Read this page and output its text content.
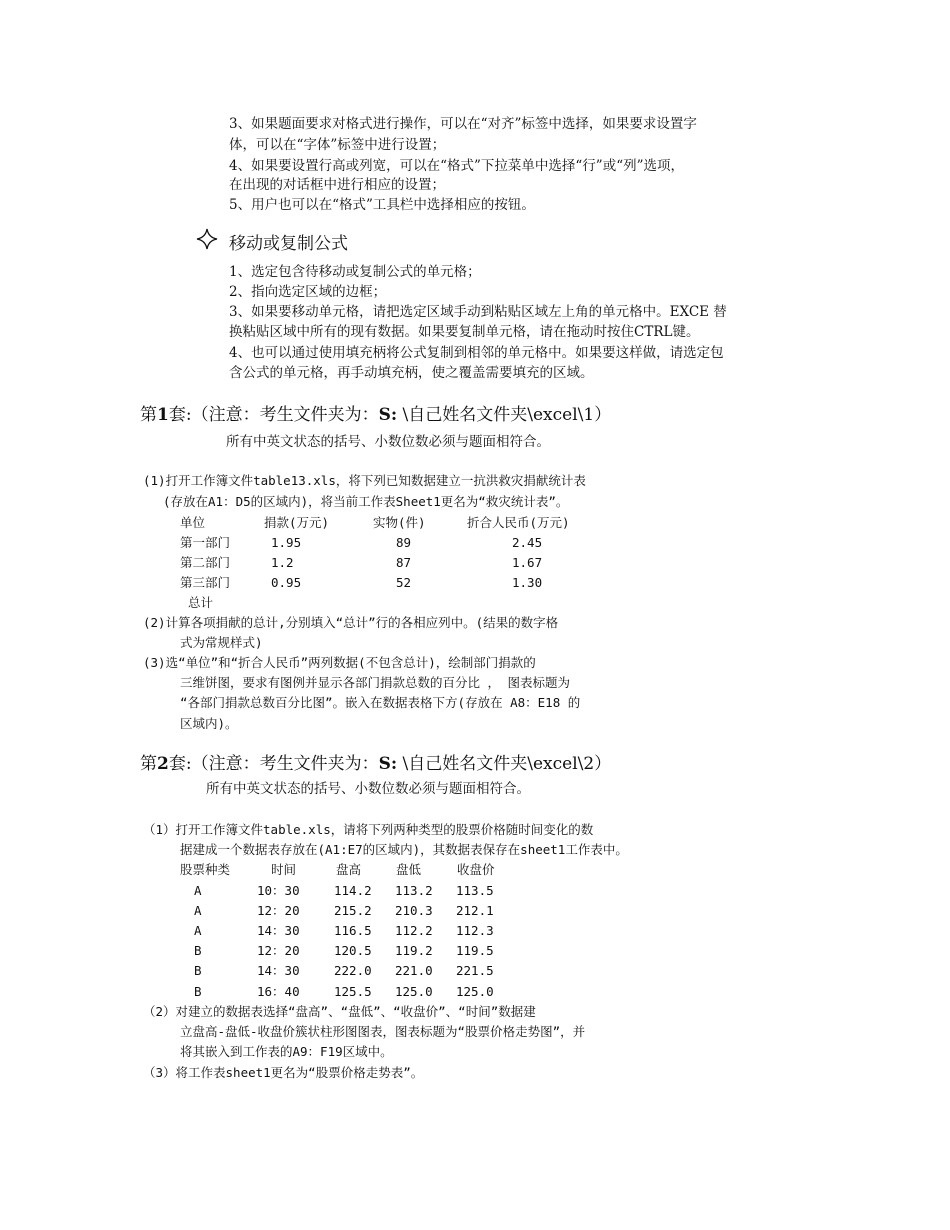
3、如果题面要求对格式进行操作，可以在“对齐”标签中选择，如果要求设置字
体，可以在“字体”标签中进行设置；
4、如果要设置行高或列宽，可以在“格式”下拉菜单中选择“行”或“列”选项，
在出现的对话框中进行相应的设置；
5、用户也可以在“格式”工具栏中选择相应的按钮。
移动或复制公式
1、选定包含待移动或复制公式的单元格；
2、指向选定区域的边框；
3、如果要移动单元格，请把选定区域手动到粘贴区域左上角的单元格中。EXCE 替
换粘贴区域中所有的现有数据。如果要复制单元格，请在拖动时按住CTRL键。
4、也可以通过使用填充柄将公式复制到相邻的单元格中。如果要这样做，请选定包
含公式的单元格，再手动填充柄，使之覆盖需要填充的区域。
第1套:（注意：考生文件夹为：S: \自己姓名文件夹\excel\1）
所有中英文状态的括号、小数位数必须与题面相符合。
(1)打开工作簿文件table13.xls，将下列已知数据建立一抗洪救灾捐献统计表
(存放在A1：D5的区域内)，将当前工作表Sheet1更名为“救灾统计表”。
单位	捐款(万元)	实物(件)	折合人民币(万元)
第一部门	1.95	89	2.45
第二部门	1.2	87	1.67
第三部门	0.95	52	1.30
总计
(2)计算各项捐献的总计,分别填入“总计”行的各相应列中。(结果的数字格
式为常规样式)
(3)选“单位”和“折合人民币”两列数据(不包含总计)，绘制部门捐款的
三维饼图，要求有图例并显示各部门捐款总数的百分比 ， 图表标题为
“各部门捐款总数百分比图”。嵌入在数据表格下方(存放在 A8：E18 的
区域内)。
第2套:（注意：考生文件夹为：S: \自己姓名文件夹\excel\2）
所有中英文状态的括号、小数位数必须与题面相符合。
（1）打开工作簿文件table.xls，请将下列两种类型的股票价格随时间变化的数
据建成一个数据表存放在(A1:E7的区域内)，其数据表保存在sheet1工作表中。
股票种类	时间	盘高	盘低	收盘价
A	10：30	114.2 113.2 113.5
A	12：20	215.2 210.3 212.1
A	14：30	116.5 112.2 112.3
B	12：20	120.5 119.2 119.5
B	14：30	222.0 221.0 221.5
B	16：40	125.5 125.0 125.0
（2）对建立的数据表选择“盘高”、“盘低”、“收盘价”、“时间”数据建
立盘高-盘低-收盘价簇状柱形图图表，图表标题为“股票价格走势图”，并
将其嵌入到工作表的A9：F19区域中。
（3）将工作表sheet1更名为“股票价格走势表”。
